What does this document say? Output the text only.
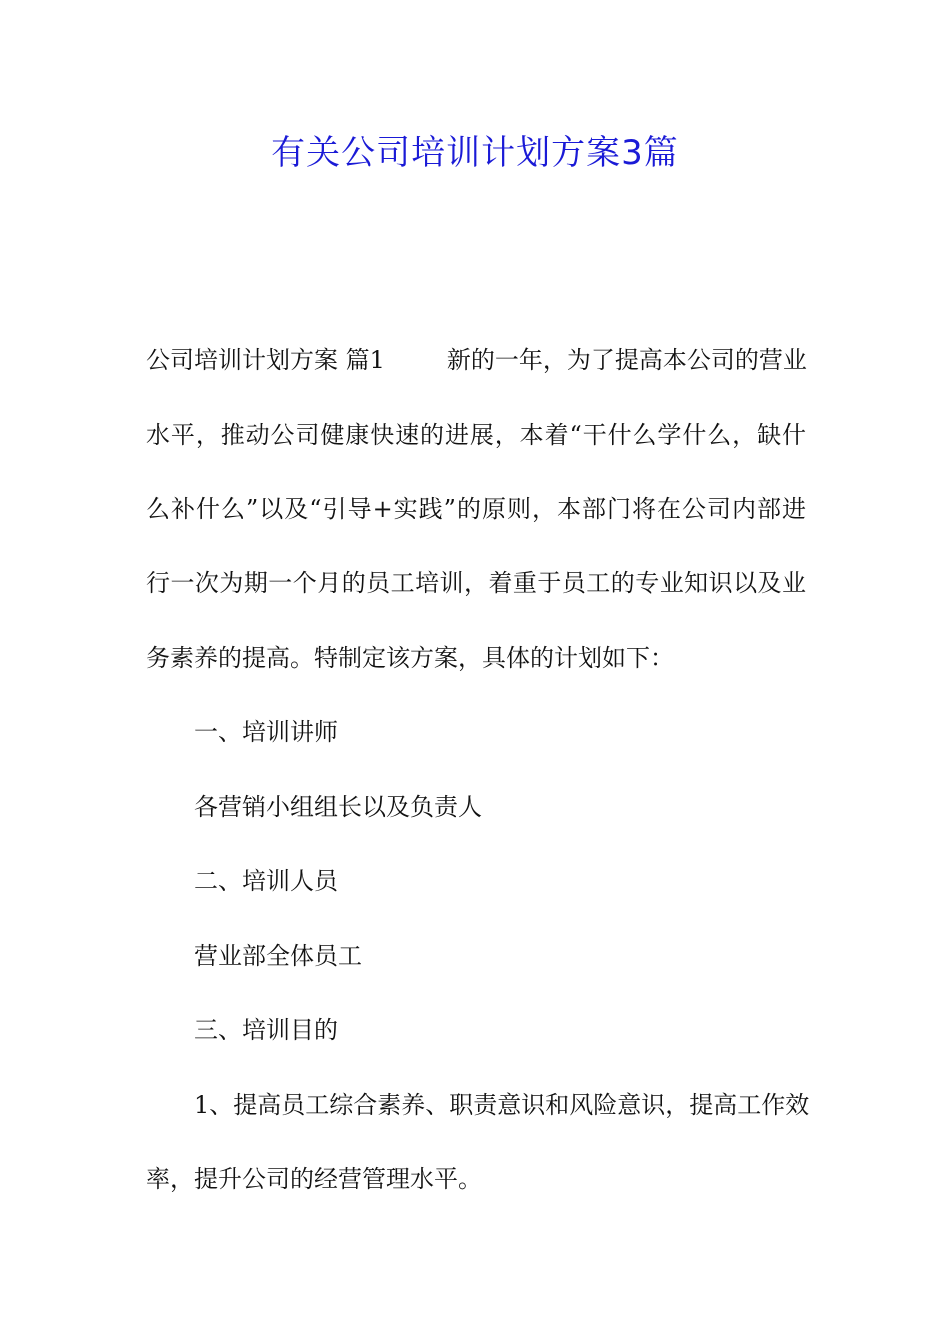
有关公司培训计划方案3篇
公司培训计划方案 篇1	新的一年，为了提高本公司的营业
水平，推动公司健康快速的进展，本着“干什么学什么，缺什
么补什么”以及“引导+实践”的原则，本部门将在公司内部进
行一次为期一个月的员工培训，着重于员工的专业知识以及业
务素养的提高。特制定该方案，具体的计划如下：
一、培训讲师
各营销小组组长以及负责人
二、培训人员
营业部全体员工
三、培训目的
1、提高员工综合素养、职责意识和风险意识，提高工作效
率，提升公司的经营管理水平。
